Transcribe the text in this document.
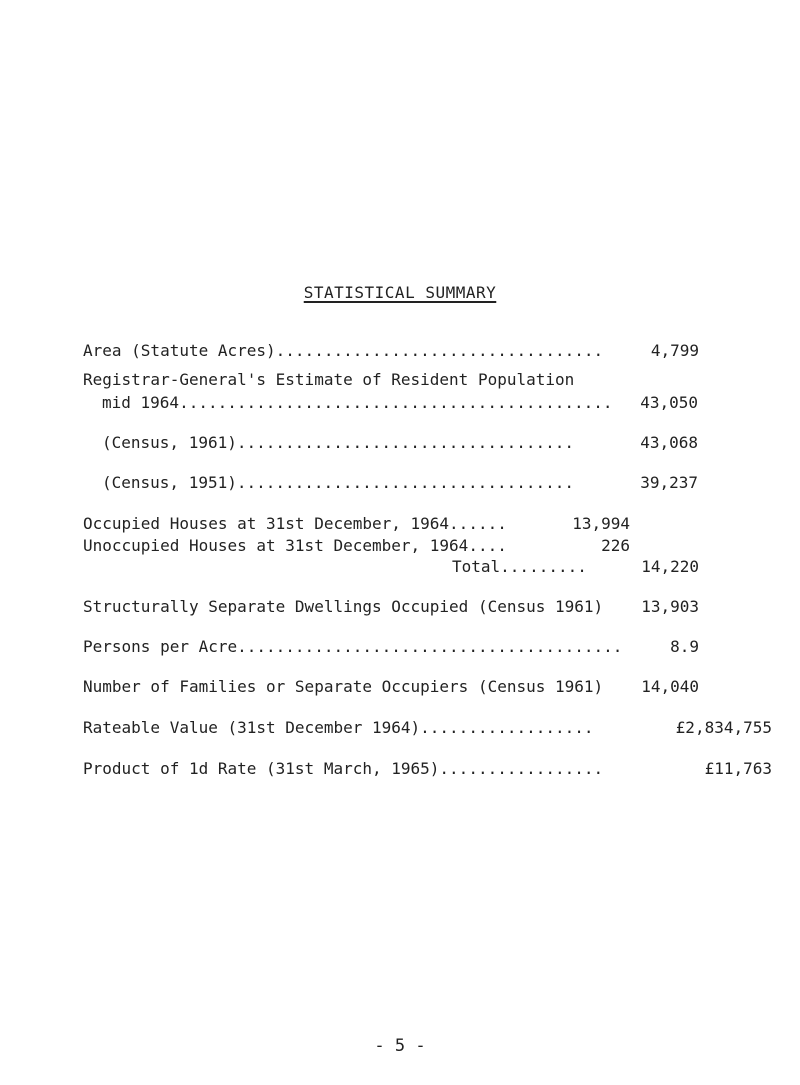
STATISTICAL SUMMARY
Area (Statute Acres)..................................	4,799
Registrar-General's Estimate of Resident Population
mid 1964............................................. 43,050
(Census, 1961)...................................	43,068
(Census, 1951)...................................	39,237
Occupied Houses at 31st December, 1964......	13,994
Unoccupied Houses at 31st December, 1964....	226
Total.........	14,220
Structurally Separate Dwellings Occupied (Census 1961) 13,903
Persons per Acre........................................	8.9
Number of Families or Separate Occupiers (Census 1961) 14,040
Rateable Value (31st December 1964)..................	£2,834,755
Product of 1d Rate (31st March, 1965).................	£11,763
- 5 -
